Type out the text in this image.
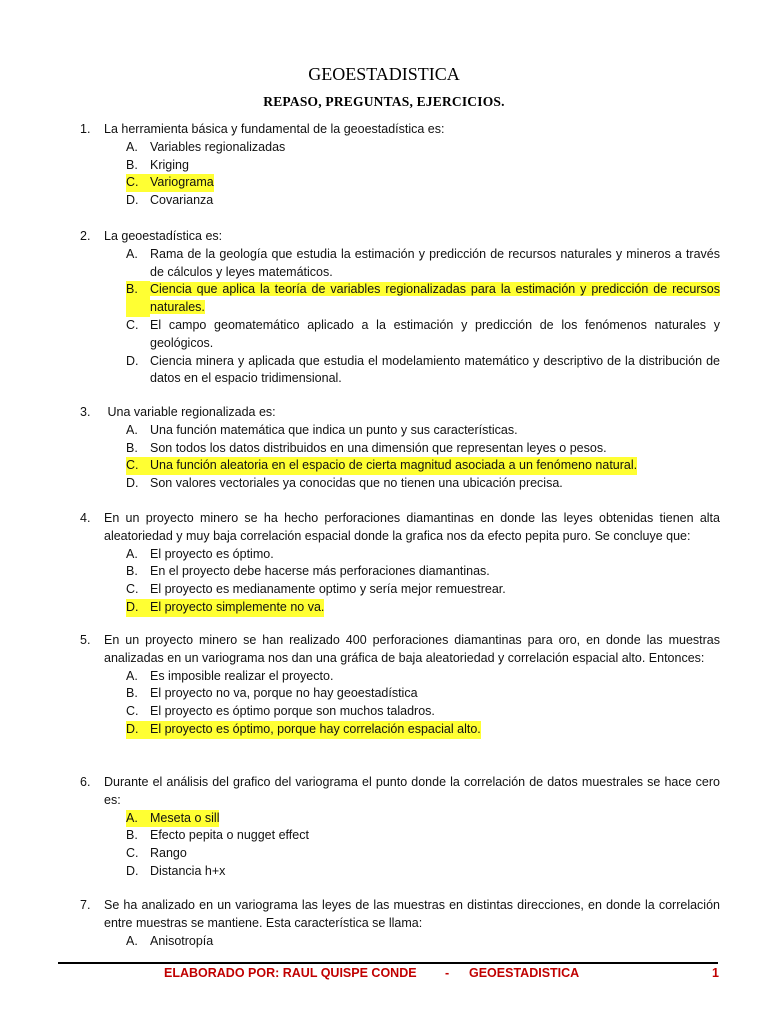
GEOESTADISTICA
REPASO, PREGUNTAS, EJERCICIOS.
1.	La herramienta básica y fundamental de la geoestadística es:
A. Variables regionalizadas
B. Kriging
C. Variograma
D. Covarianza
2.	La geoestadística es:
A. Rama de la geología que estudia la estimación y predicción de recursos naturales y mineros a través de cálculos y leyes matemáticos.
B. Ciencia que aplica la teoría de variables regionalizadas para la estimación y predicción de recursos naturales.
C. El campo geomatemático aplicado a la estimación y predicción de los fenómenos naturales y geológicos.
D. Ciencia minera y aplicada que estudia el modelamiento matemático y descriptivo de la distribución de datos en el espacio tridimensional.
3.	Una variable regionalizada es:
A. Una función matemática que indica un punto y sus características.
B. Son todos los datos distribuidos en una dimensión que representan leyes o pesos.
C. Una función aleatoria en el espacio de cierta magnitud asociada a un fenómeno natural.
D. Son valores vectoriales ya conocidas que no tienen una ubicación precisa.
4.	En un proyecto minero se ha hecho perforaciones diamantinas en donde las leyes obtenidas tienen alta aleatoriedad y muy baja correlación espacial donde la grafica nos da efecto pepita puro. Se concluye que:
A. El proyecto es óptimo.
B. En el proyecto debe hacerse más perforaciones diamantinas.
C. El proyecto es medianamente optimo y sería mejor remuestrear.
D. El proyecto simplemente no va.
5.	En un proyecto minero se han realizado 400 perforaciones diamantinas para oro, en donde las muestras analizadas en un variograma nos dan una gráfica de baja aleatoriedad y correlación espacial alto. Entonces:
A. Es imposible realizar el proyecto.
B. El proyecto no va, porque no hay geoestadística
C. El proyecto es óptimo porque son muchos taladros.
D. El proyecto es óptimo, porque hay correlación espacial alto.
6.	Durante el análisis del grafico del variograma el punto donde la correlación de datos muestrales se hace cero es:
A. Meseta o sill
B. Efecto pepita o nugget effect
C. Rango
D. Distancia h+x
7.	Se ha analizado en un variograma las leyes de las muestras en distintas direcciones, en donde la correlación entre muestras se mantiene. Esta característica se llama:
A. Anisotropía
ELABORADO POR: RAUL QUISPE CONDE - GEOESTADISTICA	1
